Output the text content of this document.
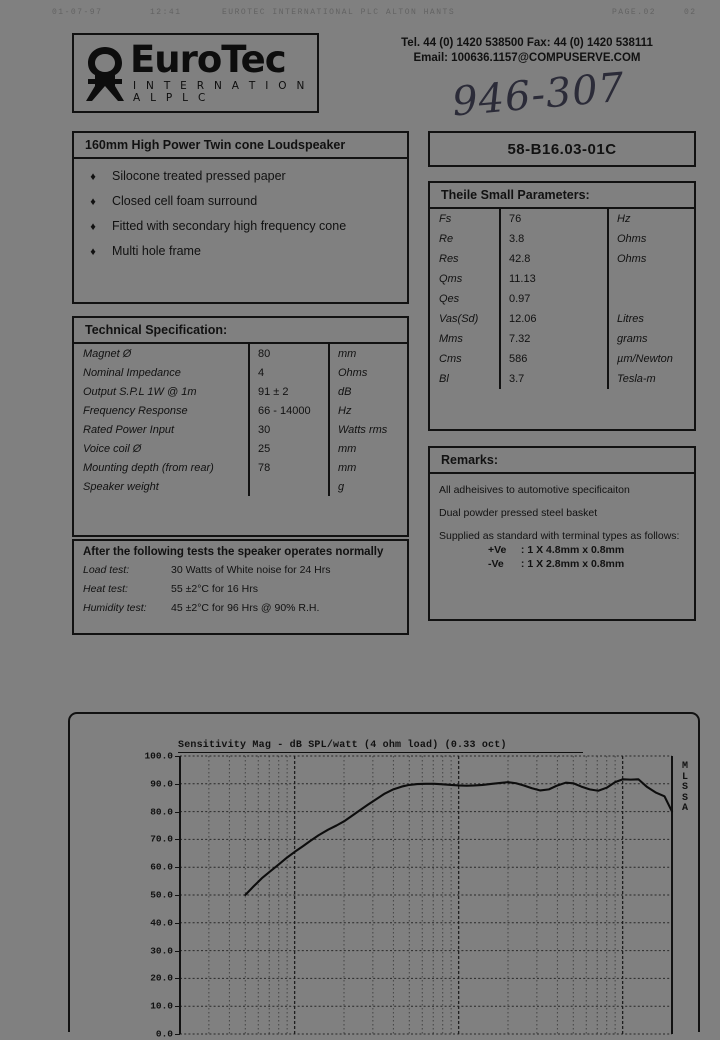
01-07-97	12:41	EUROTEC INTERNATIONAL PLC ALTON HANTS	PAGE.02	02
EuroTec
I N T E R N A T I O N A L P L C
Tel. 44 (0) 1420 538500 Fax: 44 (0) 1420 538111
Email: 100636.1157@COMPUSERVE.COM
946-307
160mm High Power Twin cone Loudspeaker
♦	Silocone treated pressed paper
♦	Closed cell foam surround
♦	Fitted with secondary high frequency cone
♦	Multi hole frame
Technical Specification:
Magnet Ø	80	mm
Nominal Impedance	4	Ohms
Output S.P.L 1W @ 1m	91 ± 2	dB
Frequency Response	66 - 14000	Hz
Rated Power Input	30	Watts rms
Voice coil Ø	25	mm
Mounting depth (from rear)	78	mm
Speaker weight		g
After the following tests the speaker operates normally
Load test:	30 Watts of White noise for 24 Hrs
Heat test:	55 ±2°C for 16 Hrs
Humidity test:	45 ±2°C for 96 Hrs @ 90% R.H.
58-B16.03-01C
Theile Small Parameters:
Fs	76	Hz
Re	3.8	Ohms
Res	42.8	Ohms
Qms	11.13	
Qes	0.97	
Vas(Sd)	12.06	Litres
Mms	7.32	grams
Cms	586	µm/Newton
Bl	3.7	Tesla-m
Remarks:
All adheisives to automotive specificaiton
Dual powder pressed steel basket
Supplied as standard with terminal types as follows:
+Ve : 1 X 4.8mm x 0.8mm
-Ve : 1 X 2.8mm x 0.8mm
Sensitivity Mag - dB SPL/watt (4 ohm load) (0.33 oct)
M
L
S
S
A
100.0
90.0
80.0
70.0
60.0
50.0
40.0
30.0
20.0
10.0
0.0
